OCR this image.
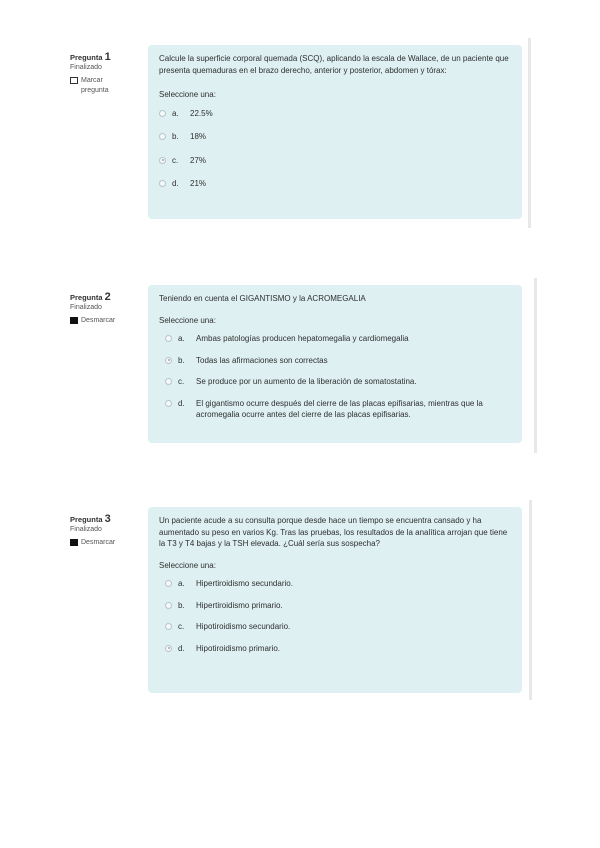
Pregunta 1
Finalizado
Marcar pregunta
Calcule la superficie corporal quemada (SCQ), aplicando la escala de Wallace, de un paciente que presenta quemaduras en el brazo derecho, anterior y posterior, abdomen y tórax:
Seleccione una:
a.	22.5%
b.	18%
c.	27%
d.	21%
Pregunta 2
Finalizado
Desmarcar
Teniendo en cuenta el GIGANTISMO y la ACROMEGALIA
Seleccione una:
a.	Ambas patologías producen hepatomegalia y cardiomegalia
b.	Todas las afirmaciones son correctas
c.	Se produce por un aumento de la liberación de somatostatina.
d.	El gigantismo ocurre después del cierre de las placas epifisarias, mientras que la acromegalia ocurre antes del cierre de las placas epifisarias.
Pregunta 3
Finalizado
Desmarcar
Un paciente acude a su consulta porque desde hace un tiempo se encuentra cansado y ha aumentado su peso en varios Kg. Tras las pruebas, los resultados de la analítica arrojan que tiene la T3 y T4 bajas y la TSH elevada. ¿Cuál sería sus sospecha?
Seleccione una:
a.	Hipertiroidismo secundario.
b.	Hipertiroidismo primario.
c.	Hipotiroidismo secundario.
d.	Hipotiroidismo primario.
